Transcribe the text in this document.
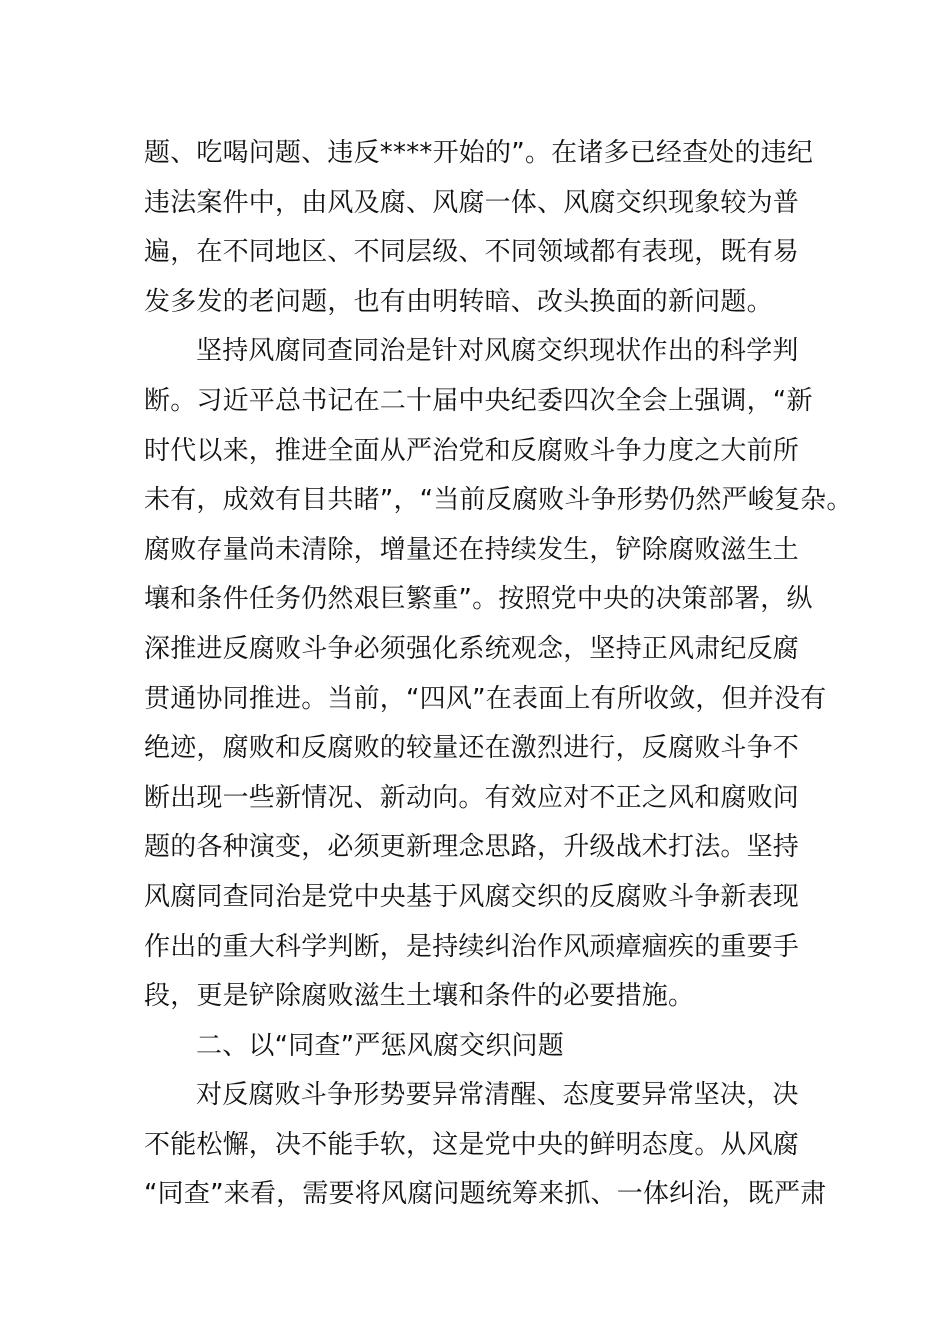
题、吃喝问题、违反****开始的”。在诸多已经查处的违纪
违法案件中，由风及腐、风腐一体、风腐交织现象较为普
遍，在不同地区、不同层级、不同领域都有表现，既有易
发多发的老问题，也有由明转暗、改头换面的新问题。
坚持风腐同查同治是针对风腐交织现状作出的科学判
断。习近平总书记在二十届中央纪委四次全会上强调，“新
时代以来，推进全面从严治党和反腐败斗争力度之大前所
未有，成效有目共睹”，“当前反腐败斗争形势仍然严峻复杂。
腐败存量尚未清除，增量还在持续发生，铲除腐败滋生土
壤和条件任务仍然艰巨繁重”。按照党中央的决策部署，纵
深推进反腐败斗争必须强化系统观念，坚持正风肃纪反腐
贯通协同推进。当前，“四风”在表面上有所收敛，但并没有
绝迹，腐败和反腐败的较量还在激烈进行，反腐败斗争不
断出现一些新情况、新动向。有效应对不正之风和腐败问
题的各种演变，必须更新理念思路，升级战术打法。坚持
风腐同查同治是党中央基于风腐交织的反腐败斗争新表现
作出的重大科学判断，是持续纠治作风顽瘴痼疾的重要手
段，更是铲除腐败滋生土壤和条件的必要措施。
二、以“同查”严惩风腐交织问题
对反腐败斗争形势要异常清醒、态度要异常坚决，决
不能松懈，决不能手软，这是党中央的鲜明态度。从风腐
“同查”来看，需要将风腐问题统筹来抓、一体纠治，既严肃
